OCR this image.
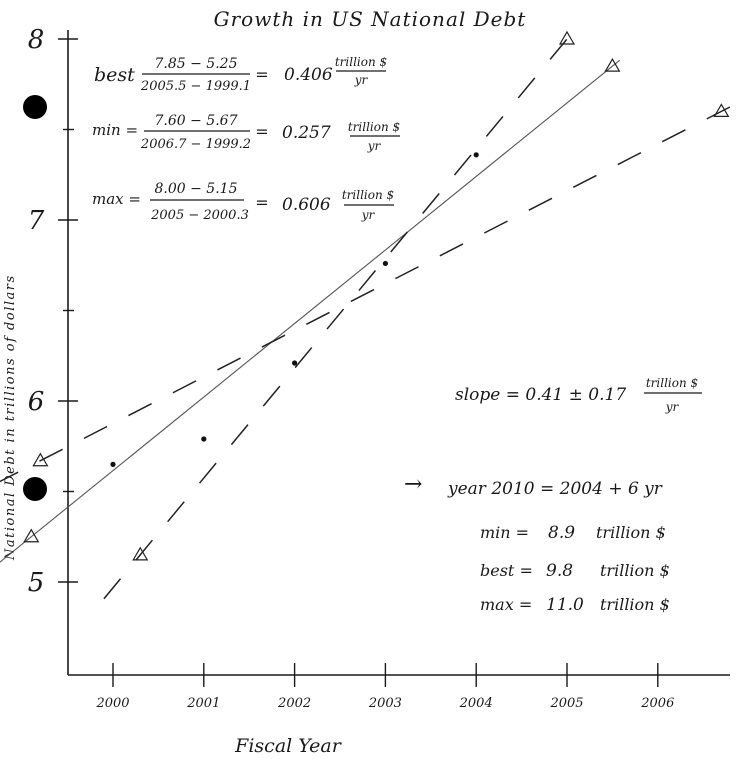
Growth in US National Debt
National Debt in trillions of dollars
Fiscal Year
2000	2001	2002	2003	2004	2005	2006
5
6
7
8
best 7.85 − 5.25
2005.5 − 1999.1
= 0.406
trillion $
yr
min = 7.60 − 5.67
2006.7 − 1999.2
= 0.257 trillion $
yr
max =
8.00 − 5.15
2005 − 2000.3
= 0.606 trillion $
yr
slope = 0.41 ± 0.17
trillion $
yr
→ year 2010 = 2004 + 6 yr
min = 8.9 trillion $
best = 9.8 trillion $
max = 11.0 trillion $
